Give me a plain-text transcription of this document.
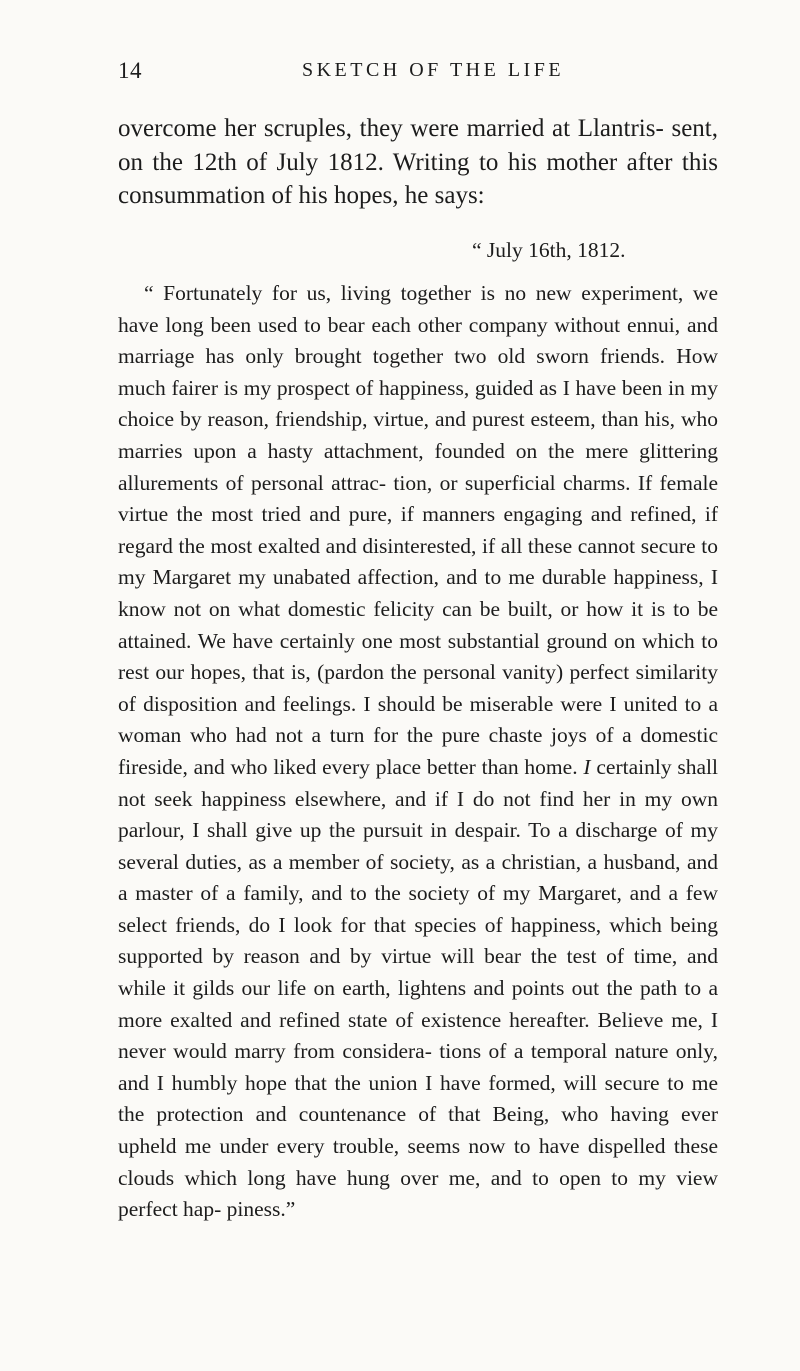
14	SKETCH OF THE LIFE

overcome her scruples, they were married at Llantris- sent, on the 12th of July 1812. Writing to his mother after this consummation of his hopes, he says:

“ July 16th, 1812.

“ Fortunately for us, living together is no new experiment, we have long been used to bear each other company without ennui, and marriage has only brought together two old sworn friends. How much fairer is my prospect of happiness, guided as I have been in my choice by reason, friendship, virtue, and purest esteem, than his, who marries upon a hasty attachment, founded on the mere glittering allurements of personal attrac- tion, or superficial charms. If female virtue the most tried and pure, if manners engaging and refined, if regard the most exalted and disinterested, if all these cannot secure to my Margaret my unabated affection, and to me durable happiness, I know not on what domestic felicity can be built, or how it is to be attained. We have certainly one most substantial ground on which to rest our hopes, that is, (pardon the personal vanity) perfect similarity of disposition and feelings. I should be miserable were I united to a woman who had not a turn for the pure chaste joys of a domestic fireside, and who liked every place better than home. I certainly shall not seek happiness elsewhere, and if I do not find her in my own parlour, I shall give up the pursuit in despair. To a discharge of my several duties, as a member of society, as a christian, a husband, and a master of a family, and to the society of my Margaret, and a few select friends, do I look for that species of happiness, which being supported by reason and by virtue will bear the test of time, and while it gilds our life on earth, lightens and points out the path to a more exalted and refined state of existence hereafter. Believe me, I never would marry from considera- tions of a temporal nature only, and I humbly hope that the union I have formed, will secure to me the protection and countenance of that Being, who having ever upheld me under every trouble, seems now to have dispelled these clouds which long have hung over me, and to open to my view perfect hap- piness.”
